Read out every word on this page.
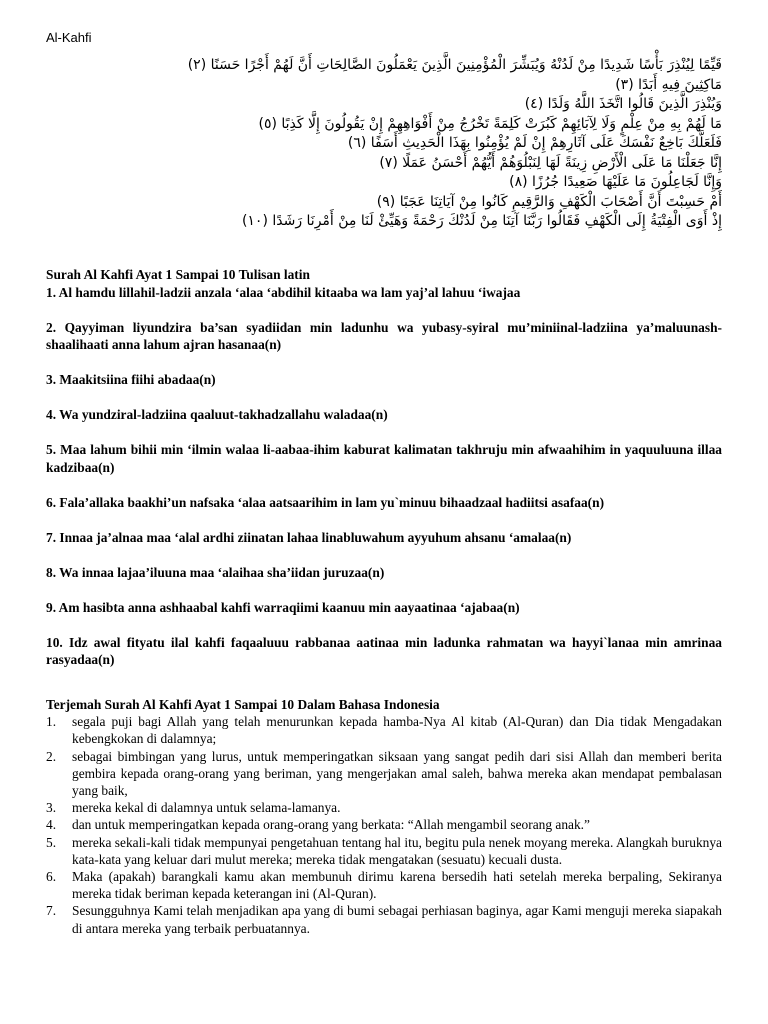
Al-Kahfi
قَيِّمًا لِيُنْذِرَ بَأْسًا شَدِيدًا مِنْ لَدُنْهُ وَيُبَشِّرَ الْمُؤْمِنِينَ الَّذِينَ يَعْمَلُونَ الصَّالِحَاتِ أَنَّ لَهُمْ أَجْرًا حَسَنًا (٢)
مَاكِثِينَ فِيهِ أَبَدًا (٣)
وَيُنْذِرَ الَّذِينَ قَالُوا اتَّخَذَ اللَّهُ وَلَدًا (٤)
مَا لَهُمْ بِهِ مِنْ عِلْمٍ وَلَا لِآبَائِهِمْ كَبُرَتْ كَلِمَةً تَخْرُجُ مِنْ أَفْوَاهِهِمْ إِنْ يَقُولُونَ إِلَّا كَذِبًا (٥)
فَلَعَلَّكَ بَاخِعٌ نَفْسَكَ عَلَى آثَارِهِمْ إِنْ لَمْ يُؤْمِنُوا بِهَذَا الْحَدِيثِ أَسَفًا (٦)
إِنَّا جَعَلْنَا مَا عَلَى الْأَرْضِ زِينَةً لَهَا لِنَبْلُوَهُمْ أَيُّهُمْ أَحْسَنُ عَمَلًا (٧)
وَإِنَّا لَجَاعِلُونَ مَا عَلَيْهَا صَعِيدًا جُرُزًا (٨)
أَمْ حَسِبْتَ أَنَّ أَصْحَابَ الْكَهْفِ وَالرَّقِيمِ كَانُوا مِنْ آيَاتِنَا عَجَبًا (٩)
إِذْ أَوَى الْفِتْيَةُ إِلَى الْكَهْفِ فَقَالُوا رَبَّنَا آتِنَا مِنْ لَدُنْكَ رَحْمَةً وَهَيِّئْ لَنَا مِنْ أَمْرِنَا رَشَدًا (١٠)
Surah Al Kahfi Ayat 1 Sampai 10 Tulisan latin

1. Al hamdu lillahil-ladzii anzala ‘alaa ‘abdihil kitaaba wa lam yaj’al lahuu ‘iwajaa

2. Qayyiman liyundzira ba’san syadiidan min ladunhu wa yubasy-syiral mu’miniinal-ladziina ya’maluunash-shaalihaati anna lahum ajran hasanaa(n)

3. Maakitsiina fiihi abadaa(n)

4. Wa yundziral-ladziina qaaluut-takhadzallahu waladaa(n)

5. Maa lahum bihii min ‘ilmin walaa li-aabaa-ihim kaburat kalimatan takhruju min afwaahihim in yaquuluuna illaa kadzibaa(n)

6. Fala’allaka baakhi’un nafsaka ‘alaa aatsaarihim in lam yu`minuu bihaadzaal hadiitsi asafaa(n)

7. Innaa ja’alnaa maa ‘alal ardhi ziinatan lahaa linabluwahum ayyuhum ahsanu ‘amalaa(n)

8. Wa innaa lajaa’iluuna maa ‘alaihaa sha’iidan juruzaa(n)

9. Am hasibta anna ashhaabal kahfi warraqiimi kaanuu min aayaatinaa ‘ajabaa(n)

10. Idz awal fityatu ilal kahfi faqaaluuu rabbanaa aatinaa min ladunka rahmatan wa hayyi`lanaa min amrinaa rasyadaa(n)

Terjemah Surah Al Kahfi Ayat 1 Sampai 10 Dalam Bahasa Indonesia
1.	segala puji bagi Allah yang telah menurunkan kepada hamba-Nya Al kitab (Al-Quran) dan Dia tidak Mengadakan kebengkokan di dalamnya;
2.	sebagai bimbingan yang lurus, untuk memperingatkan siksaan yang sangat pedih dari sisi Allah dan memberi berita gembira kepada orang-orang yang beriman, yang mengerjakan amal saleh, bahwa mereka akan mendapat pembalasan yang baik,
3.	mereka kekal di dalamnya untuk selama-lamanya.
4.	dan untuk memperingatkan kepada orang-orang yang berkata: “Allah mengambil seorang anak.”
5.	mereka sekali-kali tidak mempunyai pengetahuan tentang hal itu, begitu pula nenek moyang mereka. Alangkah buruknya kata-kata yang keluar dari mulut mereka; mereka tidak mengatakan (sesuatu) kecuali dusta.
6.	Maka (apakah) barangkali kamu akan membunuh dirimu karena bersedih hati setelah mereka berpaling, Sekiranya mereka tidak beriman kepada keterangan ini (Al-Quran).
7.	Sesungguhnya Kami telah menjadikan apa yang di bumi sebagai perhiasan baginya, agar Kami menguji mereka siapakah di antara mereka yang terbaik perbuatannya.
